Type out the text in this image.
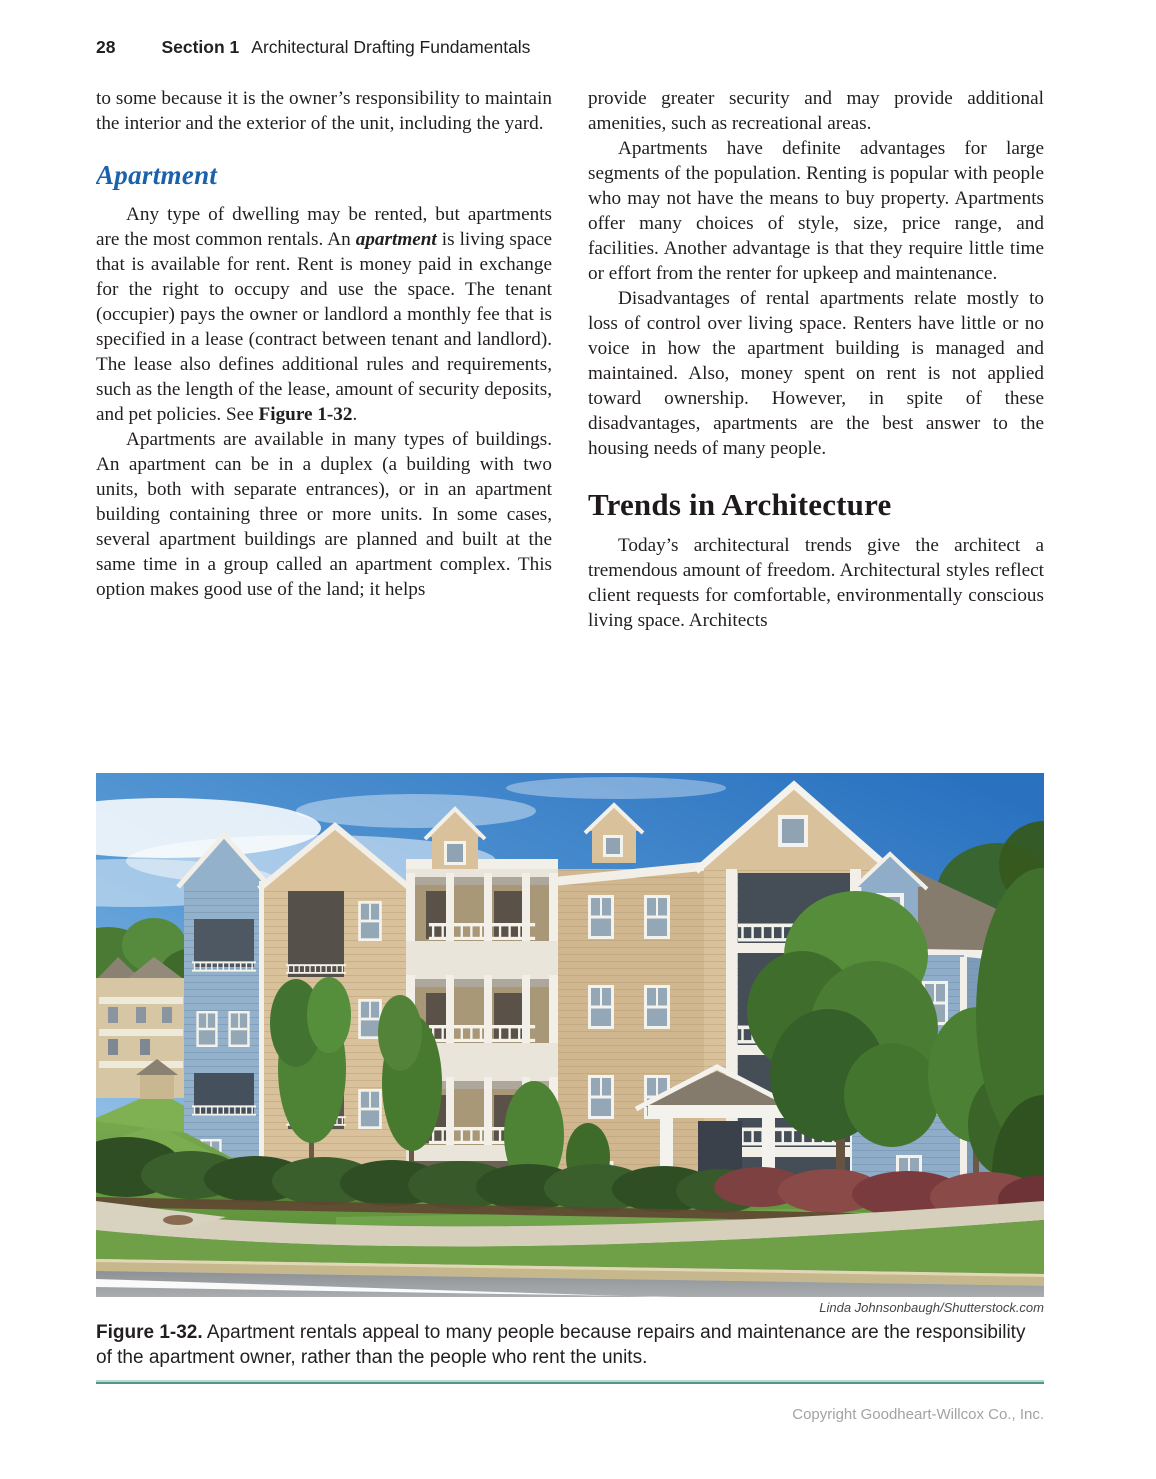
28	Section 1 Architectural Drafting Fundamentals

to some because it is the owner’s responsibility to maintain the interior and the exterior of the unit, including the yard.

Apartment

Any type of dwelling may be rented, but apartments are the most common rentals. An apartment is living space that is available for rent. Rent is money paid in exchange for the right to occupy and use the space. The tenant (occupier) pays the owner or landlord a monthly fee that is specified in a lease (contract between tenant and landlord). The lease also defines additional rules and requirements, such as the length of the lease, amount of security deposits, and pet policies. See Figure 1-32.

Apartments are available in many types of buildings. An apartment can be in a duplex (a building with two units, both with separate entrances), or in an apartment building containing three or more units. In some cases, several apartment buildings are planned and built at the same time in a group called an apartment complex. This option makes good use of the land; it helps

provide greater security and may provide additional amenities, such as recreational areas.

Apartments have definite advantages for large segments of the population. Renting is popular with people who may not have the means to buy property. Apartments offer many choices of style, size, price range, and facilities. Another advantage is that they require little time or effort from the renter for upkeep and maintenance.

Disadvantages of rental apartments relate mostly to loss of control over living space. Renters have little or no voice in how the apartment building is managed and maintained. Also, money spent on rent is not applied toward ownership. However, in spite of these disadvantages, apartments are the best answer to the housing needs of many people.

Trends in Architecture

Today’s architectural trends give the architect a tremendous amount of freedom. Architectural styles reflect client requests for comfortable, environmentally conscious living space. Architects

Linda Johnsonbaugh/Shutterstock.com

Figure 1-32. Apartment rentals appeal to many people because repairs and maintenance are the responsibility of the apartment owner, rather than the people who rent the units.

Copyright Goodheart-Willcox Co., Inc.
